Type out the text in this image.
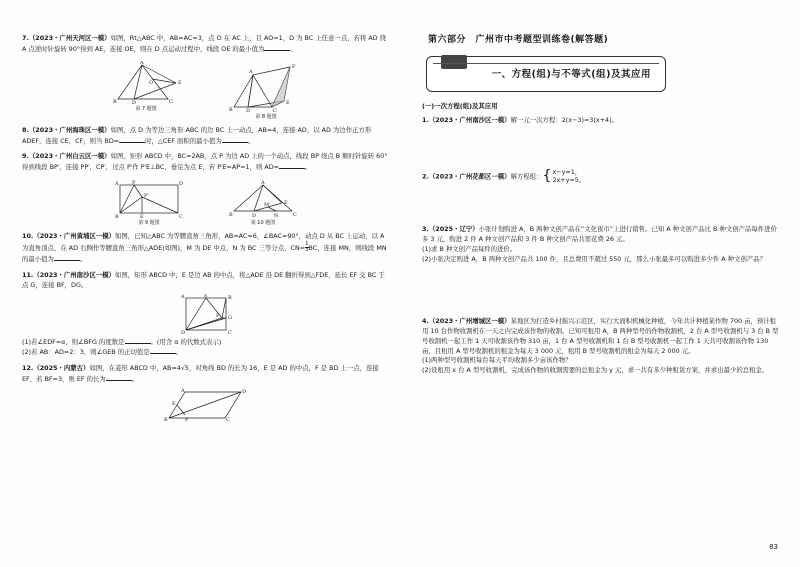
7.（2023・广州天河区一模）如图，Rt△ABC 中，AB=AC=3，点 O 在 AC 上，且 AO=1，D 为 BC 上任意一点，若将 AD 绕 A 点逆时针旋转 90°得到 AE，连接 OE，则在 D 点运动过程中，线段 OE 的最小值为	。

B	D	C
A
E
O
第 7 题图	B	D	C
A
F
E
第 8 题图

8.（2023・广州海珠区一模）如图，点 D 为等边三角形 ABC 的边 BC 上一动点，AB=4，连接 AD，以 AD 为边作正方形 ADEF，连接 CE，CF，则当 BD=	时，△CEF 面积的最小值为	。

9.（2023・广州白云区一模）如图，矩形 ABCD 中，BC=2AB，点 P 为边 AD 上的一个动点，线段 BP 绕点 B 顺时针旋转 60°得到线段 BP′，连接 PP′，CP′，过点 P′作 P′E⊥BC，垂足为点 E，若 P′E=AP=1，则 AD=	。

A	P	D
B	E	C
P'
第 9 题图
B	D	N	C
A
E
M
第 10 题图

10.（2023・广州黄埔区一模）如图，已知△ABC 为等腰直角三角形，AB=AC=6，∠BAC=90°，动点 D 从 BC 上运动，以 A 为直角顶点，在 AD 右侧作等腰直角三角形△ADE(如图)，M 为 DE 中点，N 为 BC 三等分点，$CN= \frac{1}{3}$ BC，连接 MN，则线段 MN 的最小值为	。

11.（2023・广州南沙区一模）如图，矩形 ABCD 中，E 是边 AB 的中点，将△ADE 沿 DE 翻折得到△FDE，延长 EF 交 BC 于点 G，连接 BF，DG。

A	E	B
D	C
G
F

(1)若∠EDF=α，则∠BFG 的度数是	。(用含 α 的代数式表示)

(2)若 AB：AD=2：3，则∠GEB 的正切值是	。

12.（2025・内蒙古）如图，在菱形 ABCD 中，AB=4√5，对角线 BD 的长为 16，E 是 AD 的中点，F 是 BD 上一点，连接 EF，若 BF=3，则 EF 的长为	。

A	D
B	C
E
F
第六部分　广州市中考题型训练卷(解答题)
一、方程(组)与不等式(组)及其应用
(一)一次方程(组)及其应用

1.（2023・广州南沙区一模）解一元一次方程：2(x−3)=3(x+4)。

2.（2023・广州花都区一模）解方程组： { x−y=1，
2x+y=5。

3.（2025・辽宁）小张计划购进 A，B 两种文创产品在“文化夜市”上进行销售。已知 A 种文创产品比 B 种文创产品每件进价多 3 元，购进 2 件 A 种文创产品和 3 件 B 种文创产品共需花费 26 元。

(1)求 B 种文创产品每件的进价。

(2)小张决定购进 A，B 两种文创产品共 100 件，且总费用不超过 550 元，那么小张最多可以购进多少件 A 种文创产品？

4.（2023・广州增城区一模）某地区为打造乡村振兴示范区，实行大面积机械化种植，今年共计种植某作物 700 亩，预计租用 10 台作物收割机在一天之内完成该作物的收割。已知可租用 A，B 两种型号的作物收割机，2 台 A 型号收割机与 3 台 B 型号收割机一起工作 1 天可收割该作物 310 亩，1 台 A 型号收割机和 1 台 B 型号收割机一起工作 1 天共可收割该作物 130 亩，且租用 A 型号收割机的租金为每天 3 000 元，租用 B 型号收割机的租金为每天 2 000 元。

(1)两种型号收割机每台每天平均收割多少亩该作物？

(2)设租用 x 台 A 型号收割机，完成该作物的收割需要的总租金为 y 元，求一共有多少种租赁方案，并求出最少的总租金。

83
